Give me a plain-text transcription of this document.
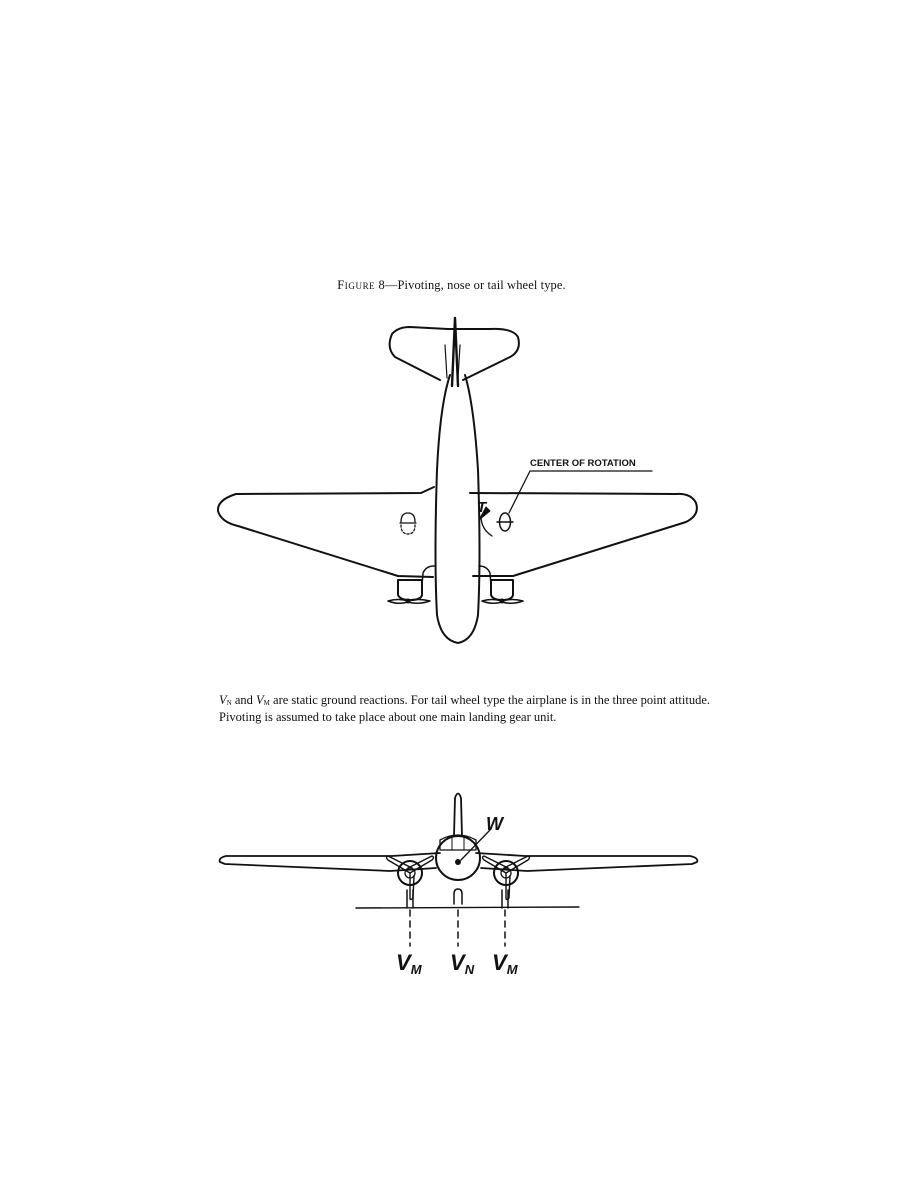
Figure 8—Pivoting, nose or tail wheel type.
CENTER OF ROTATION
T
W
VM VN VM
$V_N$ and $V_M$ are static ground reactions. For tail wheel type the airplane is in the three point attitude. Pivoting is assumed to take place about one main landing gear unit.
